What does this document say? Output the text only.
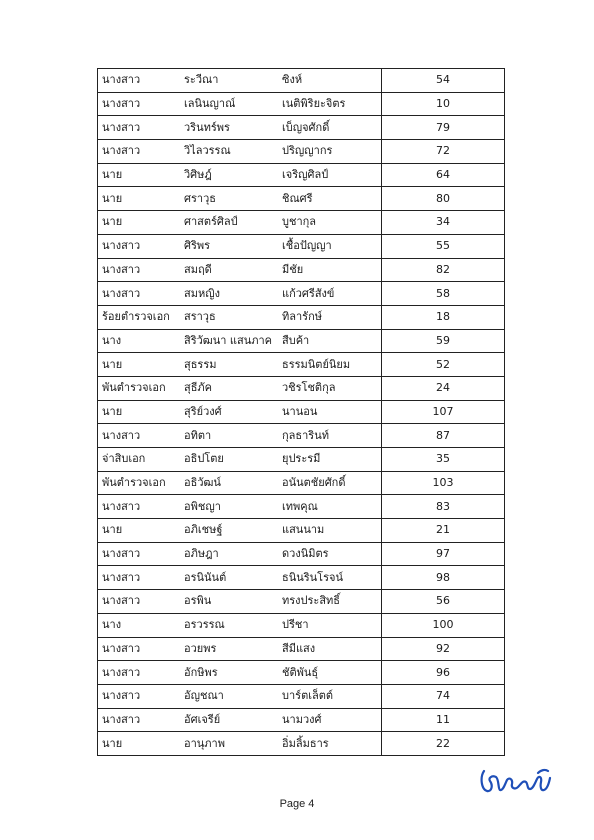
นางสาว	ระวีณา	ซิงห์	54
นางสาว	เลนินญาณ์	เนติพิริยะจิตร	10
นางสาว	วรินทร์พร	เบ็ญจศักดิ์	79
นางสาว	วิไลวรรณ	ปริญญากร	72
นาย	วิศิษฎ์	เจริญศิลป์	64
นาย	ศราวุธ	ชิณศรี	80
นาย	ศาสตร์ศิลป์	บูชากุล	34
นางสาว	ศิริพร	เชื้อปัญญา	55
นางสาว	สมฤดี	มีชัย	82
นางสาว	สมหญิง	แก้วศรีสังข์	58
ร้อยตำรวจเอก	สราวุธ	ทิลารักษ์	18
นาง	สิริวัฒนา แสนภาค	สืบค้า	59
นาย	สุธรรม	ธรรมนิตย์นิยม	52
พันตำรวจเอก	สุธีภัค	วชิรโชติกุล	24
นาย	สุริย์วงศ์	นานอน	107
นางสาว	อทิตา	กุลธารินท์	87
จ่าสิบเอก	อธิปโตย	ยุประรมี	35
พันตำรวจเอก	อธิวัฒน์	อนันตชัยศักดิ์	103
นางสาว	อพิชญา	เทพคุณ	83
นาย	อภิเชษฐ์	แสนนาม	21
นางสาว	อภิษฎา	ดวงนิมิตร	97
นางสาว	อรนินันต์	ธนินรินโรจน์	98
นางสาว	อรพิน	ทรงประสิทธิ์	56
นาง	อรวรรณ	ปรีชา	100
นางสาว	อวยพร	สีมีแสง	92
นางสาว	อักษิพร	ชัติพันธุ์	96
นางสาว	อัญชณา	บาร์ตเล็ตต์	74
นางสาว	อัศเจรีย์	นามวงศ์	11
นาย	อานุภาพ	อิ่มลิ้มธาร	22
Page 4
